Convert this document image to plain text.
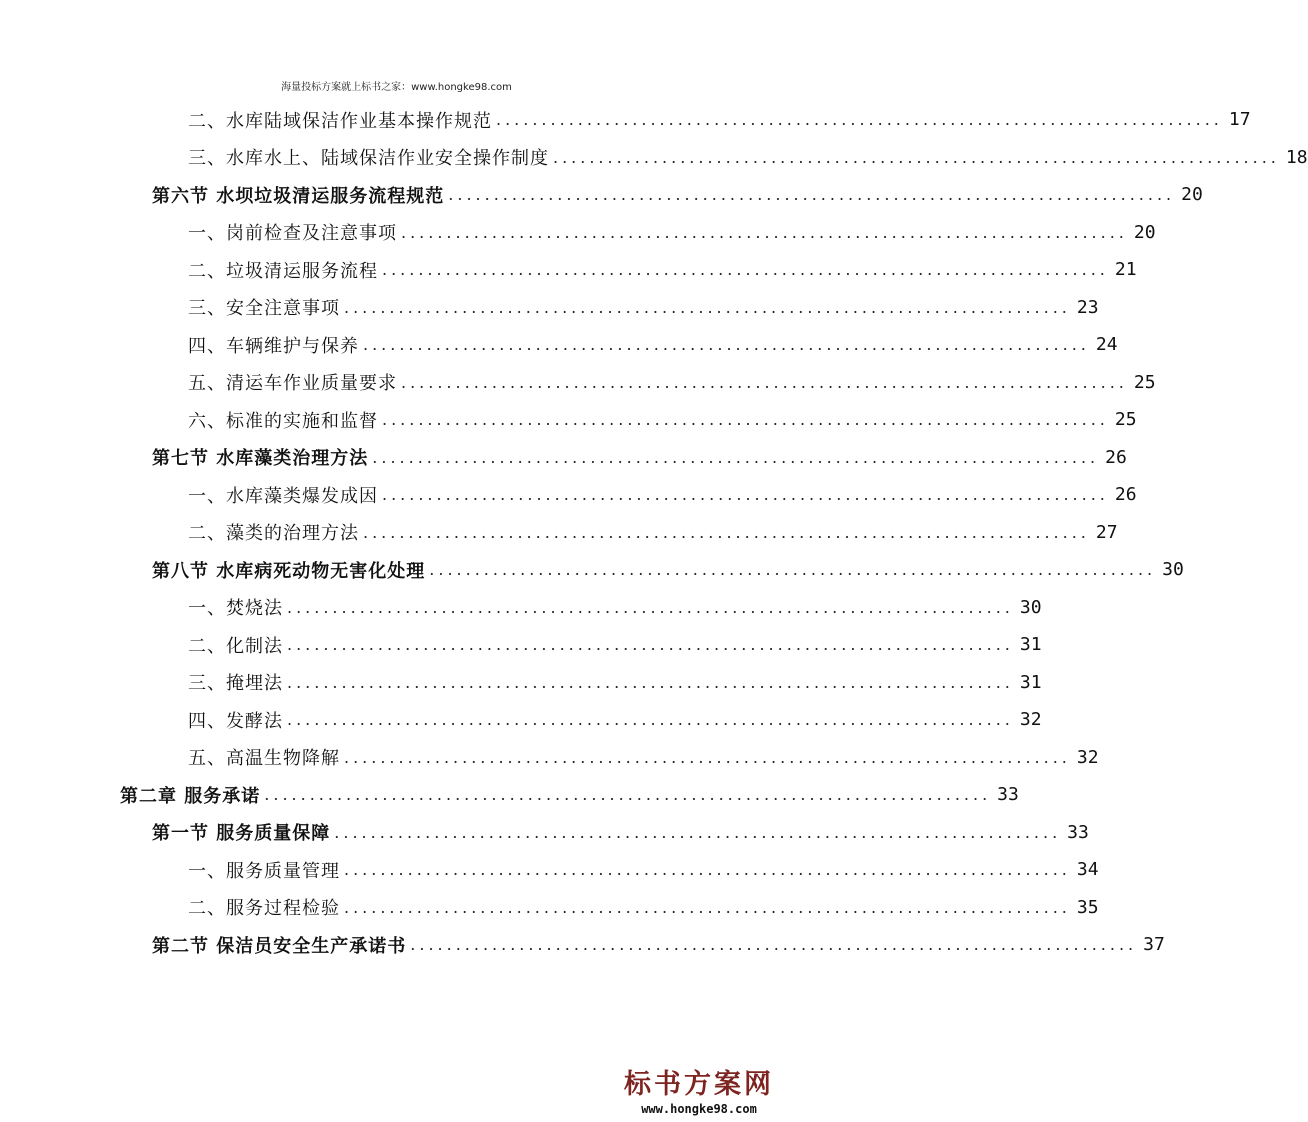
海量投标方案就上标书之家：www.hongke98.com
二、水库陆域保洁作业基本操作规范 ................................................................................ 17
三、水库水上、陆域保洁作业安全操作制度 ................................................................................ 18
第六节 水坝垃圾清运服务流程规范 ................................................................................ 20
一、岗前检查及注意事项 ................................................................................ 20
二、垃圾清运服务流程 ................................................................................ 21
三、安全注意事项 ................................................................................ 23
四、车辆维护与保养 ................................................................................ 24
五、清运车作业质量要求 ................................................................................ 25
六、标准的实施和监督 ................................................................................ 25
第七节 水库藻类治理方法 ................................................................................ 26
一、水库藻类爆发成因 ................................................................................ 26
二、藻类的治理方法 ................................................................................ 27
第八节 水库病死动物无害化处理 ................................................................................ 30
一、焚烧法 ................................................................................ 30
二、化制法 ................................................................................ 31
三、掩埋法 ................................................................................ 31
四、发酵法 ................................................................................ 32
五、高温生物降解 ................................................................................ 32
第二章 服务承诺 ................................................................................ 33
第一节 服务质量保障 ................................................................................ 33
一、服务质量管理 ................................................................................ 34
二、服务过程检验 ................................................................................ 35
第二节 保洁员安全生产承诺书 ................................................................................ 37
标书方案网
www.hongke98.com
